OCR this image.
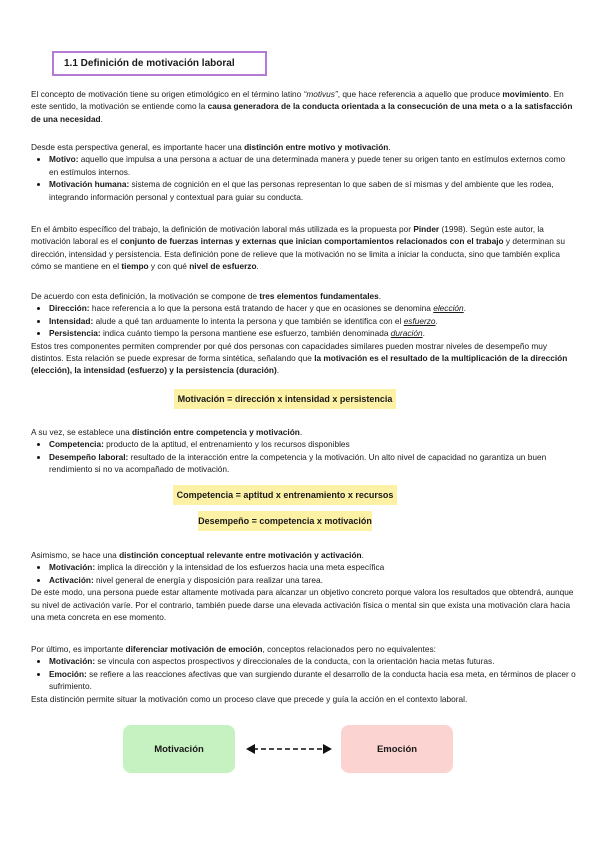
1.1 Definición de motivación laboral

El concepto de motivación tiene su origen etimológico en el término latino “motivus”, que hace referencia a aquello que produce movimiento. En este sentido, la motivación se entiende como la causa generadora de la conducta orientada a la consecución de una meta o a la satisfacción de una necesidad.

Desde esta perspectiva general, es importante hacer una distinción entre motivo y motivación.

• Motivo: aquello que impulsa a una persona a actuar de una determinada manera y puede tener su origen tanto en estímulos externos como en estímulos internos.
• Motivación humana: sistema de cognición en el que las personas representan lo que saben de sí mismas y del ambiente que les rodea, integrando información personal y contextual para guiar su conducta.

En el ámbito específico del trabajo, la definición de motivación laboral más utilizada es la propuesta por Pinder (1998). Según este autor, la motivación laboral es el conjunto de fuerzas internas y externas que inician comportamientos relacionados con el trabajo y determinan su dirección, intensidad y persistencia. Esta definición pone de relieve que la motivación no se limita a iniciar la conducta, sino que también explica cómo se mantiene en el tiempo y con qué nivel de esfuerzo.

De acuerdo con esta definición, la motivación se compone de tres elementos fundamentales.

• Dirección: hace referencia a lo que la persona está tratando de hacer y que en ocasiones se denomina elección.
• Intensidad: alude a qué tan arduamente lo intenta la persona y que también se identifica con el esfuerzo.
• Persistencia: indica cuánto tiempo la persona mantiene ese esfuerzo, también denominada duración.

Estos tres componentes permiten comprender por qué dos personas con capacidades similares pueden mostrar niveles de desempeño muy distintos. Esta relación se puede expresar de forma sintética, señalando que la motivación es el resultado de la multiplicación de la dirección (elección), la intensidad (esfuerzo) y la persistencia (duración).

Motivación = dirección x intensidad x persistencia

A su vez, se establece una distinción entre competencia y motivación.

• Competencia: producto de la aptitud, el entrenamiento y los recursos disponibles
• Desempeño laboral: resultado de la interacción entre la competencia y la motivación. Un alto nivel de capacidad no garantiza un buen rendimiento si no va acompañado de motivación.
Competencia = aptitud x entrenamiento x recursos
Desempeño = competencia x motivación

Asimismo, se hace una distinción conceptual relevante entre motivación y activación.

• Motivación: implica la dirección y la intensidad de los esfuerzos hacia una meta específica
• Activación: nivel general de energía y disposición para realizar una tarea.

De este modo, una persona puede estar altamente motivada para alcanzar un objetivo concreto porque valora los resultados que obtendrá, aunque su nivel de activación varíe. Por el contrario, también puede darse una elevada activación física o mental sin que exista una motivación clara hacia una meta concreta en ese momento.

Por último, es importante diferenciar motivación de emoción, conceptos relacionados pero no equivalentes:

• Motivación: se vincula con aspectos prospectivos y direccionales de la conducta, con la orientación hacia metas futuras.
• Emoción: se refiere a las reacciones afectivas que van surgiendo durante el desarrollo de la conducta hacia esa meta, en términos de placer o sufrimiento.

Esta distinción permite situar la motivación como un proceso clave que precede y guía la acción en el contexto laboral.

Motivación	Emoción
